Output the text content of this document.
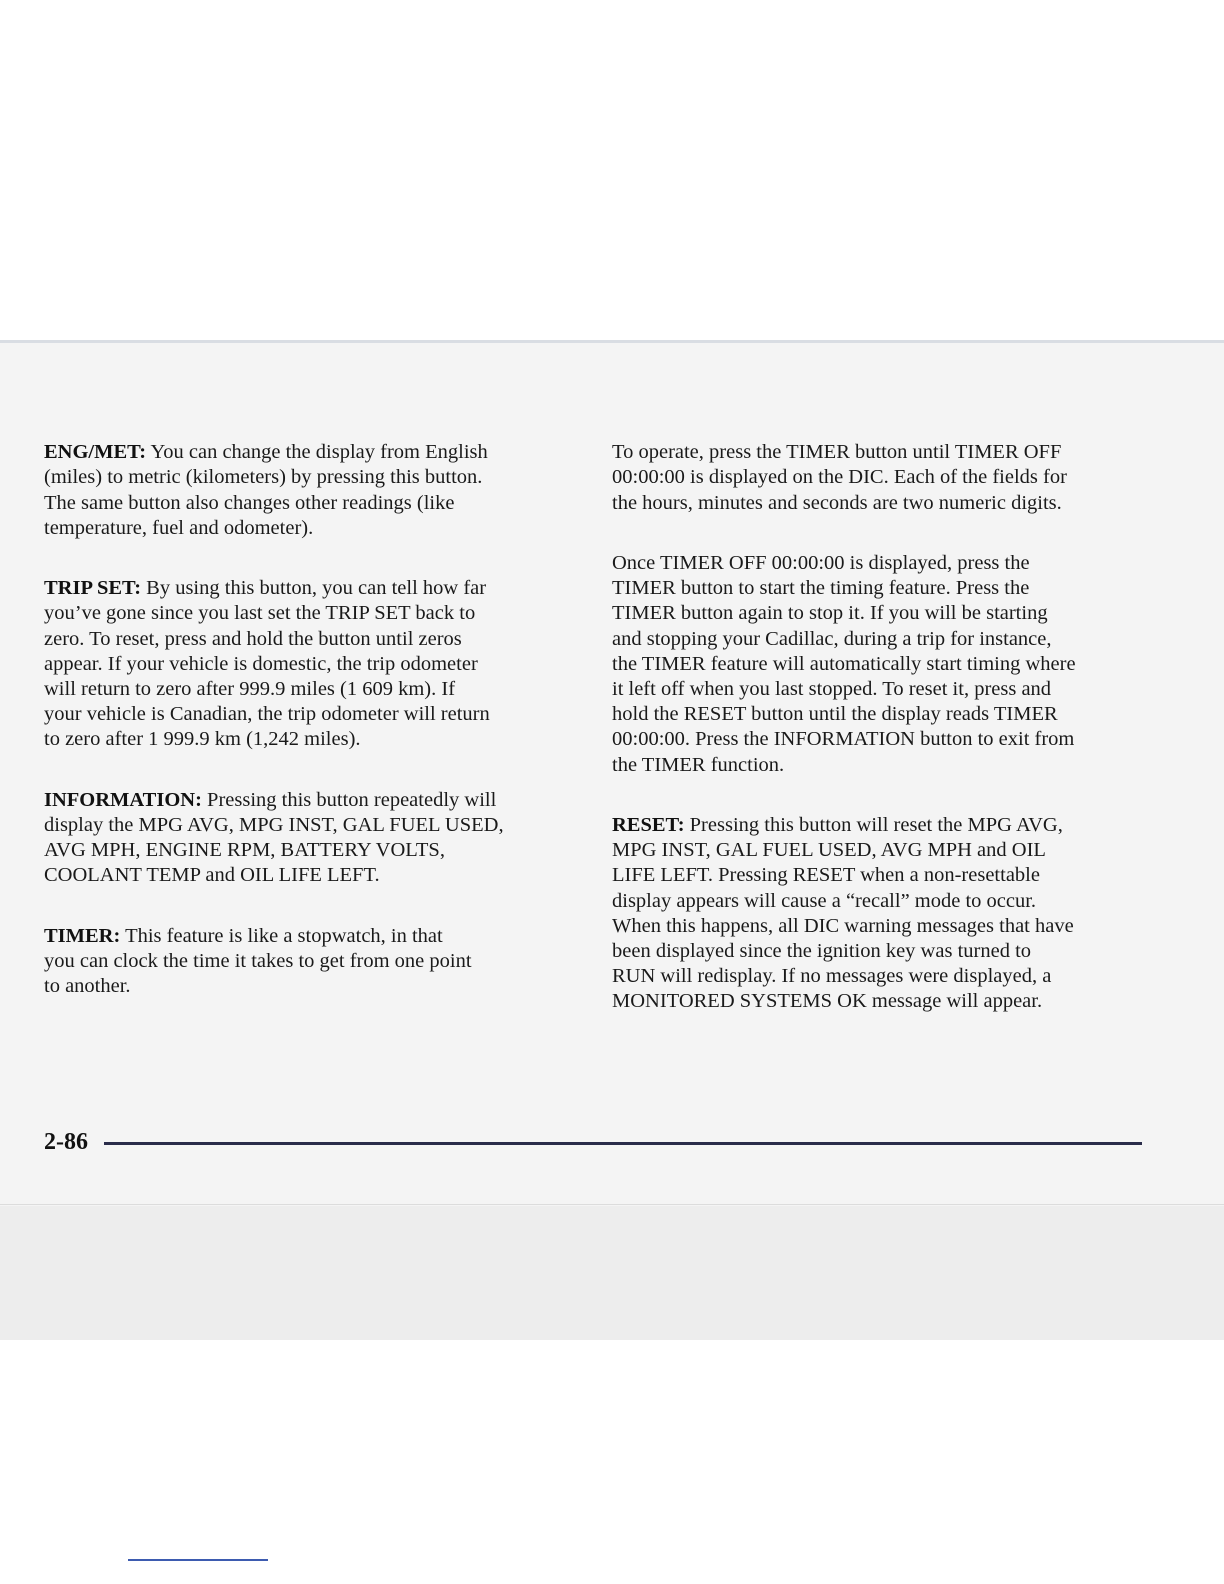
ENG/MET: You can change the display from English
(miles) to metric (kilometers) by pressing this button.
The same button also changes other readings (like
temperature, fuel and odometer).

TRIP SET: By using this button, you can tell how far
you’ve gone since you last set the TRIP SET back to
zero. To reset, press and hold the button until zeros
appear. If your vehicle is domestic, the trip odometer
will return to zero after 999.9 miles (1 609 km). If
your vehicle is Canadian, the trip odometer will return
to zero after 1 999.9 km (1,242 miles).

INFORMATION: Pressing this button repeatedly will
display the MPG AVG, MPG INST, GAL FUEL USED,
AVG MPH, ENGINE RPM, BATTERY VOLTS,
COOLANT TEMP and OIL LIFE LEFT.

TIMER: This feature is like a stopwatch, in that
you can clock the time it takes to get from one point
to another.

To operate, press the TIMER button until TIMER OFF
00:00:00 is displayed on the DIC. Each of the fields for
the hours, minutes and seconds are two numeric digits.

Once TIMER OFF 00:00:00 is displayed, press the
TIMER button to start the timing feature. Press the
TIMER button again to stop it. If you will be starting
and stopping your Cadillac, during a trip for instance,
the TIMER feature will automatically start timing where
it left off when you last stopped. To reset it, press and
hold the RESET button until the display reads TIMER
00:00:00. Press the INFORMATION button to exit from
the TIMER function.

RESET: Pressing this button will reset the MPG AVG,
MPG INST, GAL FUEL USED, AVG MPH and OIL
LIFE LEFT. Pressing RESET when a non-resettable
display appears will cause a “recall” mode to occur.
When this happens, all DIC warning messages that have
been displayed since the ignition key was turned to
RUN will redisplay. If no messages were displayed, a
MONITORED SYSTEMS OK message will appear.

2-86
